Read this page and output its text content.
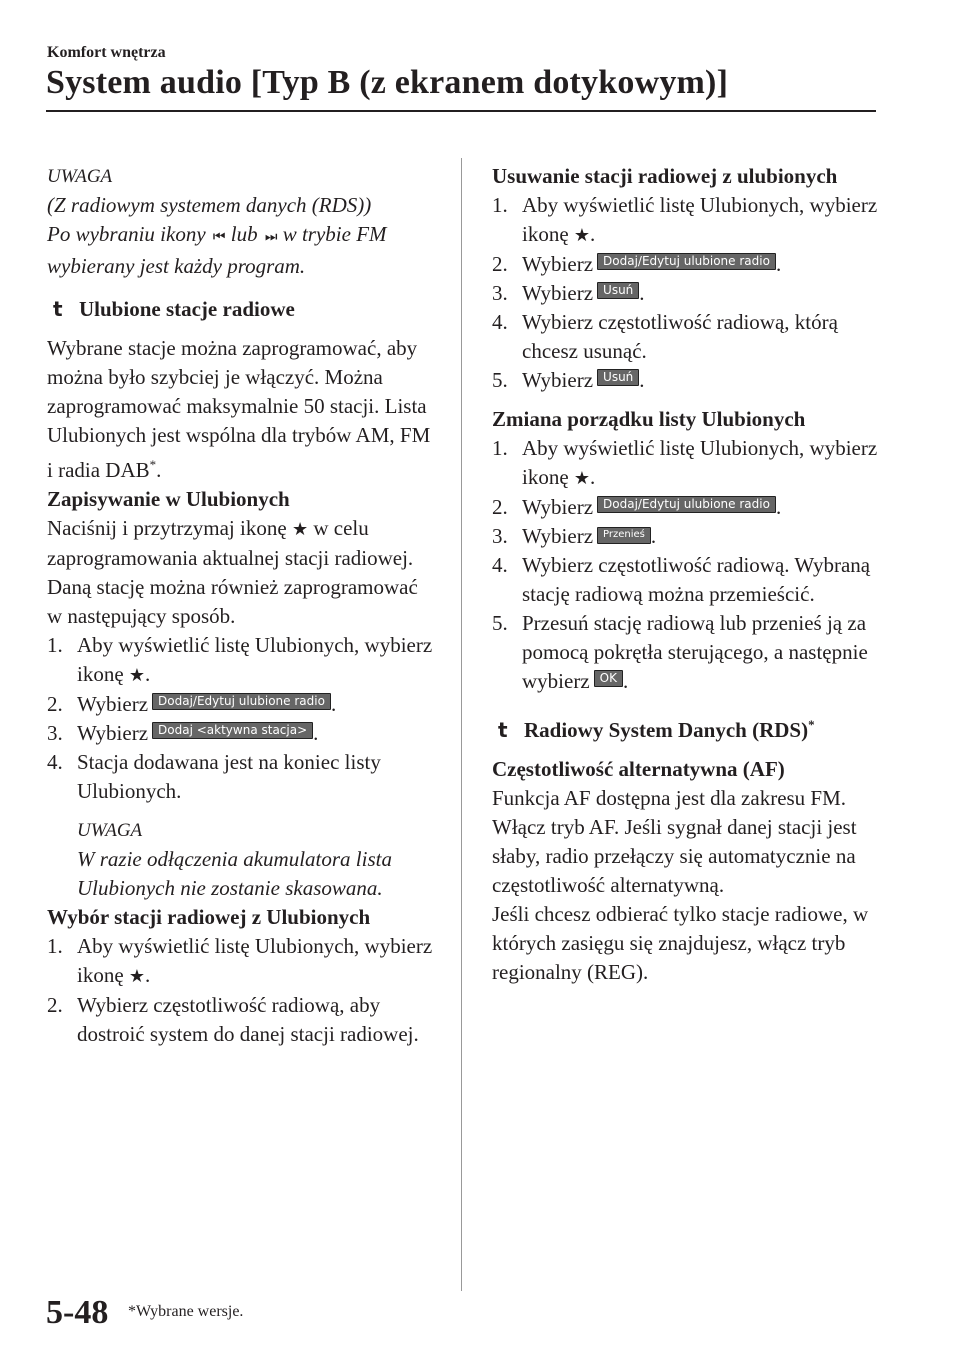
Komfort wnętrza
System audio [Typ B (z ekranem dotykowym)]

UWAGA

(Z radiowym systemem danych (RDS))

Po wybraniu ikony ⏮ lub ⏭ w trybie FM

wybierany jest każdy program.

t Ulubione stacje radiowe

Wybrane stacje można zaprogramować, aby można było szybciej je włączyć. Można zaprogramować maksymalnie 50 stacji. Lista Ulubionych jest wspólna dla trybów AM, FM i radia DAB*.

Zapisywanie w Ulubionych

Naciśnij i przytrzymaj ikonę ★ w celu zaprogramowania aktualnej stacji radiowej. Daną stację można również zaprogramować w następujący sposób.

1. Aby wyświetlić listę Ulubionych, wybierz ikonę ★.
2. Wybierz Dodaj/Edytuj ulubione radio .
3. Wybierz Dodaj <aktywna stacja> .
4. Stacja dodawana jest na koniec listy Ulubionych.

UWAGA

W razie odłączenia akumulatora lista Ulubionych nie zostanie skasowana.

Wybór stacji radiowej z Ulubionych

1. Aby wyświetlić listę Ulubionych, wybierz ikonę ★.
2. Wybierz częstotliwość radiową, aby dostroić system do danej stacji radiowej.

Usuwanie stacji radiowej z ulubionych

1. Aby wyświetlić listę Ulubionych, wybierz ikonę ★.
2. Wybierz Dodaj/Edytuj ulubione radio .
3. Wybierz Usuń .
4. Wybierz częstotliwość radiową, którą chcesz usunąć.
5. Wybierz Usuń .

Zmiana porządku listy Ulubionych

1. Aby wyświetlić listę Ulubionych, wybierz ikonę ★.
2. Wybierz Dodaj/Edytuj ulubione radio .
3. Wybierz Przenieś .
4. Wybierz częstotliwość radiową. Wybraną stację radiową można przemieścić.
5. Przesuń stację radiową lub przenieś ją za pomocą pokrętła sterującego, a następnie wybierz OK .
t Radiowy System Danych (RDS)*

Częstotliwość alternatywna (AF)

Funkcja AF dostępna jest dla zakresu FM. Włącz tryb AF. Jeśli sygnał danej stacji jest słaby, radio przełączy się automatycznie na częstotliwość alternatywną.

Jeśli chcesz odbierać tylko stacje radiowe, w których zasięgu się znajdujesz, włącz tryb regionalny (REG).

5-48 *Wybrane wersje.
